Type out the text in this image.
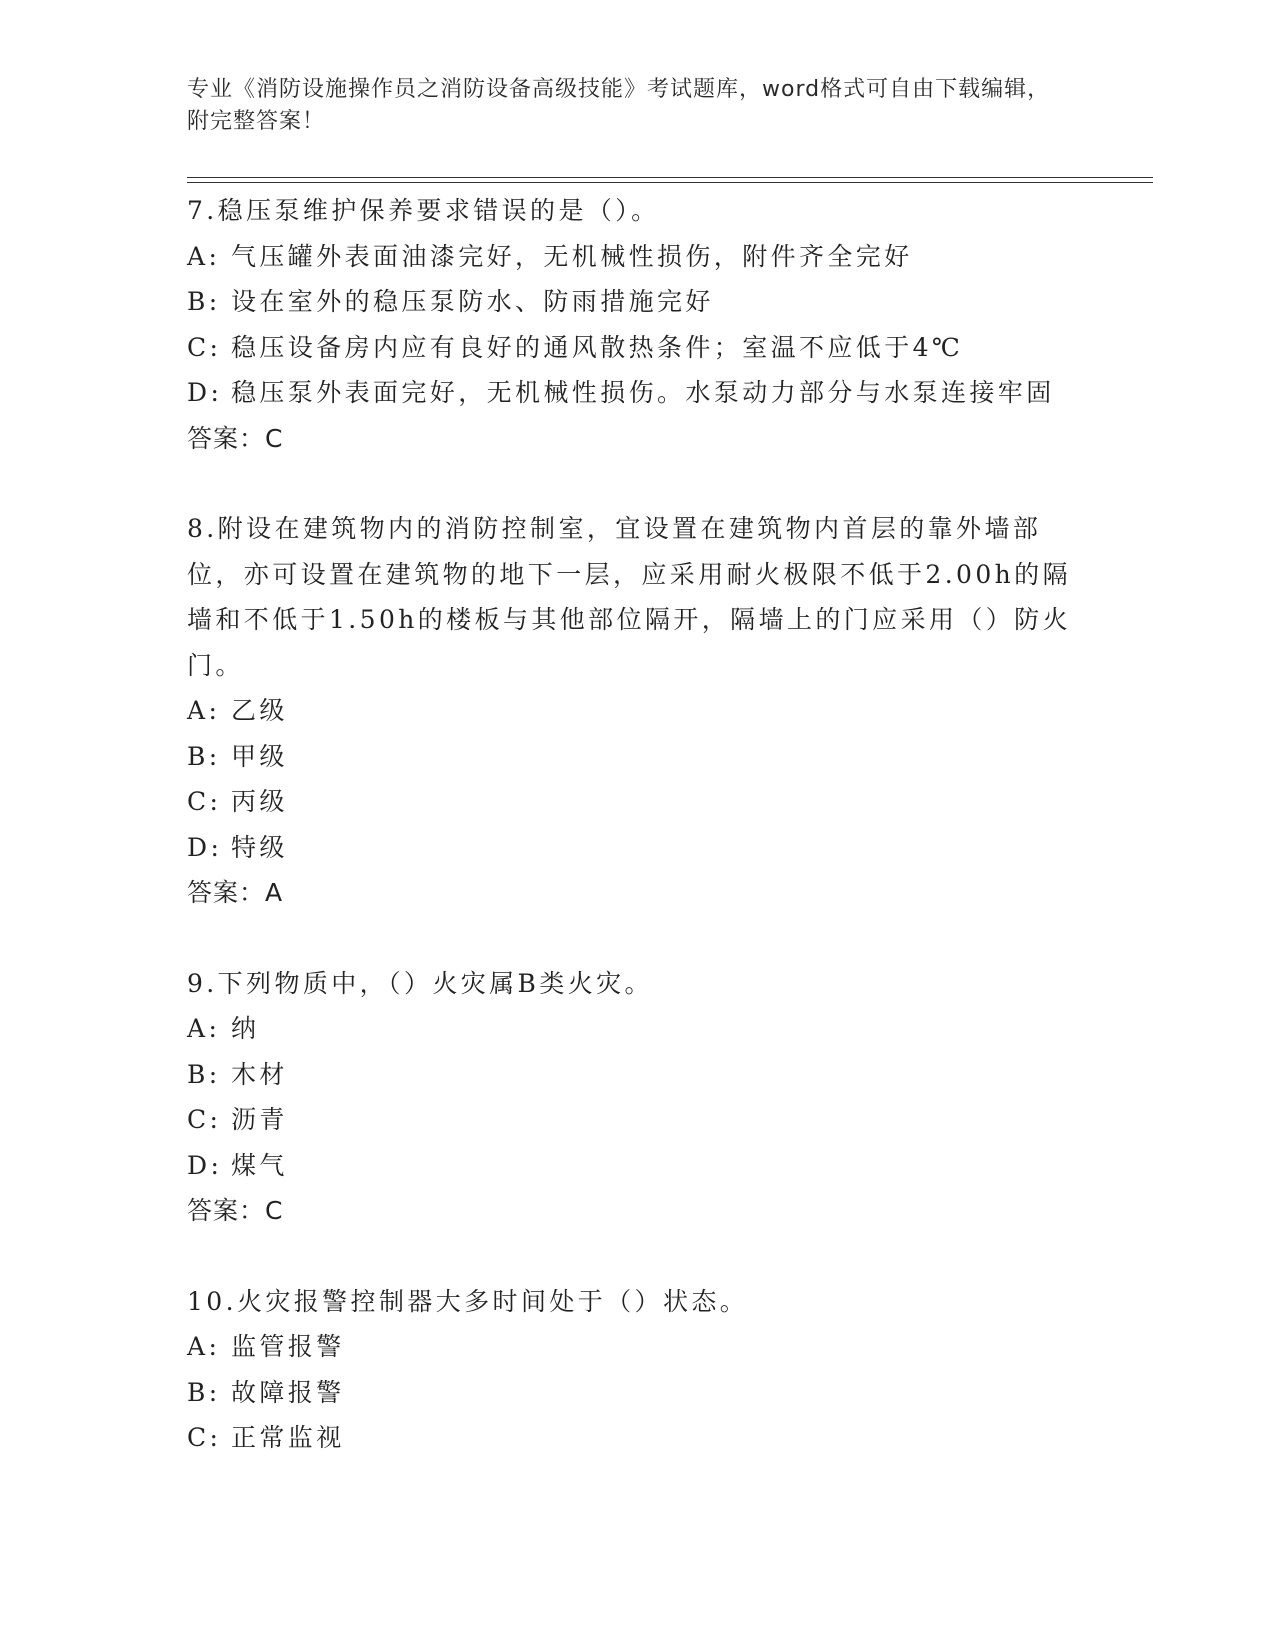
专业《消防设施操作员之消防设备高级技能》考试题库，word格式可自由下载编辑，附完整答案！

7.稳压泵维护保养要求错误的是（）。

A: 气压罐外表面油漆完好，无机械性损伤，附件齐全完好

B: 设在室外的稳压泵防水、防雨措施完好

C: 稳压设备房内应有良好的通风散热条件；室温不应低于4℃

D: 稳压泵外表面完好，无机械性损伤。水泵动力部分与水泵连接牢固

答案：C

8.附设在建筑物内的消防控制室，宜设置在建筑物内首层的靠外墙部位，亦可设置在建筑物的地下一层，应采用耐火极限不低于2.00h的隔墙和不低于1.50h的楼板与其他部位隔开，隔墙上的门应采用（）防火门。

A: 乙级

B: 甲级

C: 丙级

D: 特级

答案：A

9.下列物质中，（）火灾属B类火灾。

A: 纳

B: 木材

C: 沥青

D: 煤气

答案：C

10.火灾报警控制器大多时间处于（）状态。

A: 监管报警

B: 故障报警

C: 正常监视
